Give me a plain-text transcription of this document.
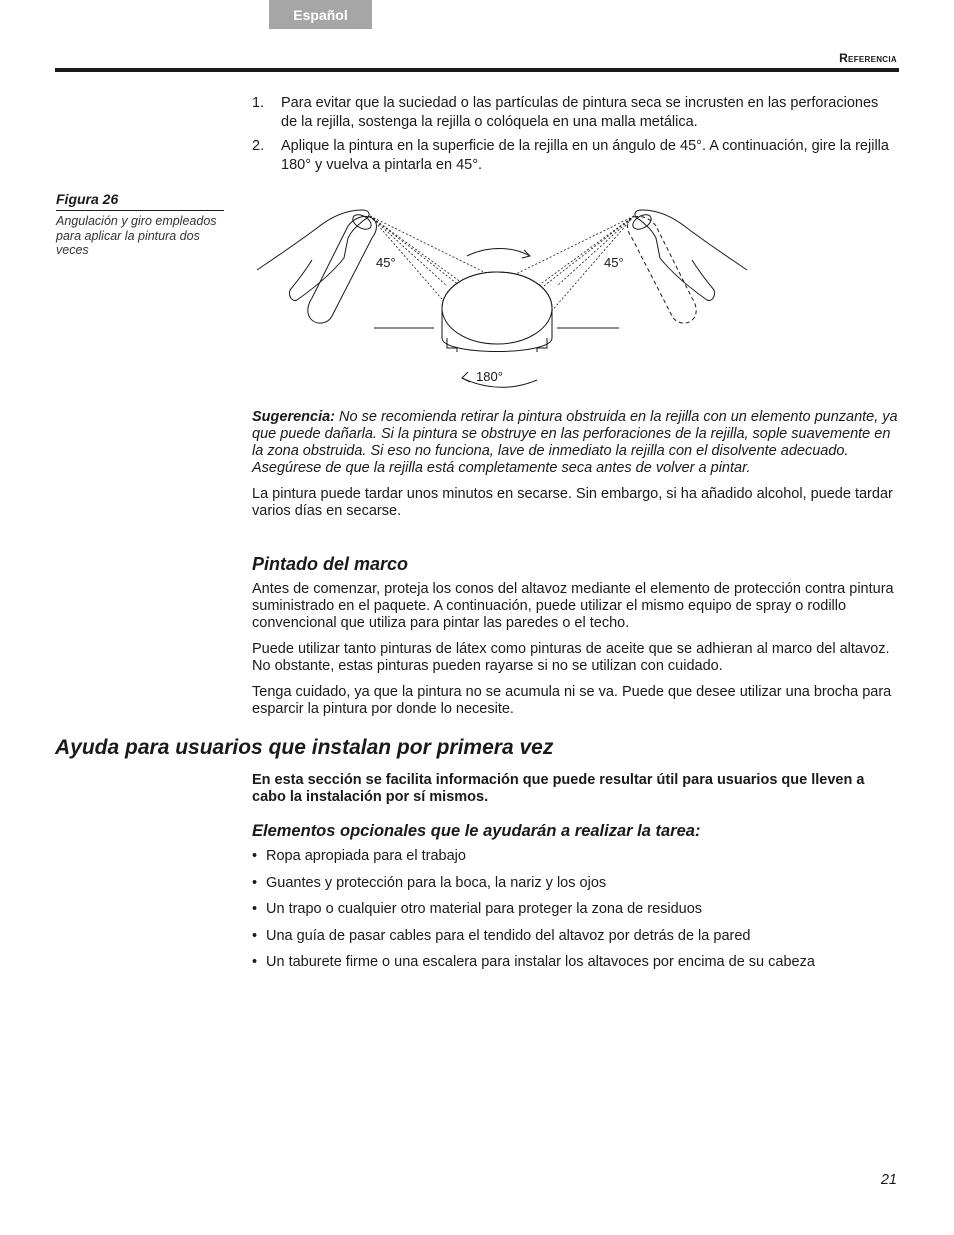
Español
Referencia
1.	Para evitar que la suciedad o las partículas de pintura seca se incrusten en las perforaciones de la rejilla, sostenga la rejilla o colóquela en una malla metálica.
2.	Aplique la pintura en la superficie de la rejilla en un ángulo de 45°. A continuación, gire la rejilla 180° y vuelva a pintarla en 45°.
Figura 26
Angulación y giro empleados para aplicar la pintura dos veces
45°	45°
180°

Sugerencia: No se recomienda retirar la pintura obstruida en la rejilla con un elemento punzante, ya que puede dañarla. Si la pintura se obstruye en las perforaciones de la rejilla, sople suavemente en la zona obstruida. Si eso no funciona, lave de inmediato la rejilla con el disolvente adecuado. Asegúrese de que la rejilla está completamente seca antes de volver a pintar.

La pintura puede tardar unos minutos en secarse. Sin embargo, si ha añadido alcohol, puede tardar varios días en secarse.

Pintado del marco

Antes de comenzar, proteja los conos del altavoz mediante el elemento de protección contra pintura suministrado en el paquete. A continuación, puede utilizar el mismo equipo de spray o rodillo convencional que utiliza para pintar las paredes o el techo.

Puede utilizar tanto pinturas de látex como pinturas de aceite que se adhieran al marco del altavoz. No obstante, estas pinturas pueden rayarse si no se utilizan con cuidado.

Tenga cuidado, ya que la pintura no se acumula ni se va. Puede que desee utilizar una brocha para esparcir la pintura por donde lo necesite.

Ayuda para usuarios que instalan por primera vez

En esta sección se facilita información que puede resultar útil para usuarios que lleven a cabo la instalación por sí mismos.

Elementos opcionales que le ayudarán a realizar la tarea:
• Ropa apropiada para el trabajo
• Guantes y protección para la boca, la nariz y los ojos
• Un trapo o cualquier otro material para proteger la zona de residuos
• Una guía de pasar cables para el tendido del altavoz por detrás de la pared
• Un taburete firme o una escalera para instalar los altavoces por encima de su cabeza
21
